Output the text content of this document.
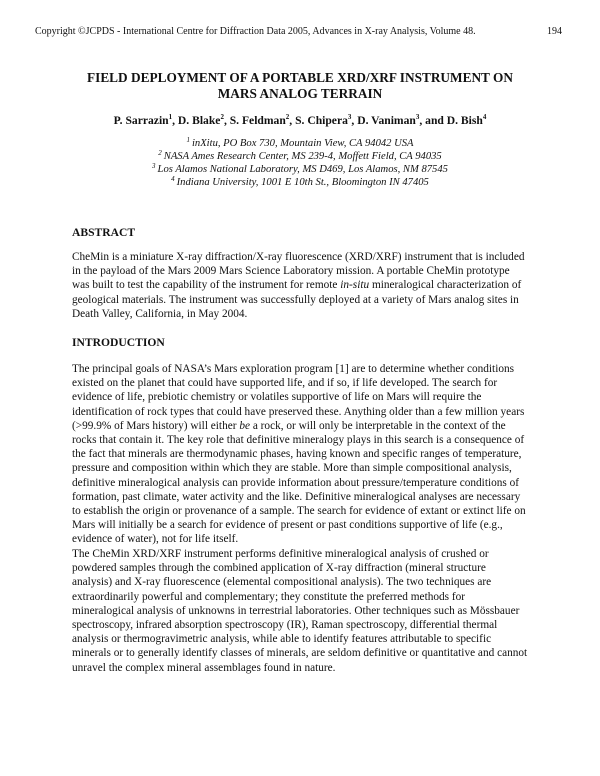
Copyright ©JCPDS - International Centre for Diffraction Data 2005, Advances in X-ray Analysis, Volume 48.	194
FIELD DEPLOYMENT OF A PORTABLE XRD/XRF INSTRUMENT ON
MARS ANALOG TERRAIN
P. Sarrazin$^1$, D. Blake$^2$, S. Feldman$^2$, S. Chipera$^3$, D. Vaniman$^3$, and D. Bish$^4$
$^1$ inXitu, PO Box 730, Mountain View, CA 94042 USA
$^2$ NASA Ames Research Center, MS 239-4, Moffett Field, CA 94035
$^3$ Los Alamos National Laboratory, MS D469, Los Alamos, NM 87545
$^4$ Indiana University, 1001 E 10th St., Bloomington IN 47405
ABSTRACT
CheMin is a miniature X-ray diffraction/X-ray fluorescence (XRD/XRF) instrument that is included in the payload of the Mars 2009 Mars Science Laboratory mission. A portable CheMin prototype was built to test the capability of the instrument for remote in-situ mineralogical characterization of geological materials. The instrument was successfully deployed at a variety of Mars analog sites in Death Valley, California, in May 2004.
INTRODUCTION
The principal goals of NASA’s Mars exploration program [1] are to determine whether conditions existed on the planet that could have supported life, and if so, if life developed. The search for evidence of life, prebiotic chemistry or volatiles supportive of life on Mars will require the identification of rock types that could have preserved these. Anything older than a few million years (>99.9% of Mars history) will either be a rock, or will only be interpretable in the context of the rocks that contain it. The key role that definitive mineralogy plays in this search is a consequence of the fact that minerals are thermodynamic phases, having known and specific ranges of temperature, pressure and composition within which they are stable. More than simple compositional analysis, definitive mineralogical analysis can provide information about pressure/temperature conditions of formation, past climate, water activity and the like. Definitive mineralogical analyses are necessary to establish the origin or provenance of a sample. The search for evidence of extant or extinct life on Mars will initially be a search for evidence of present or past conditions supportive of life (e.g., evidence of water), not for life itself.
The CheMin XRD/XRF instrument performs definitive mineralogical analysis of crushed or powdered samples through the combined application of X-ray diffraction (mineral structure analysis) and X-ray fluorescence (elemental compositional analysis). The two techniques are extraordinarily powerful and complementary; they constitute the preferred methods for mineralogical analysis of unknowns in terrestrial laboratories. Other techniques such as Mössbauer spectroscopy, infrared absorption spectroscopy (IR), Raman spectroscopy, differential thermal analysis or thermogravimetric analysis, while able to identify features attributable to specific minerals or to generally identify classes of minerals, are seldom definitive or quantitative and cannot unravel the complex mineral assemblages found in nature.
